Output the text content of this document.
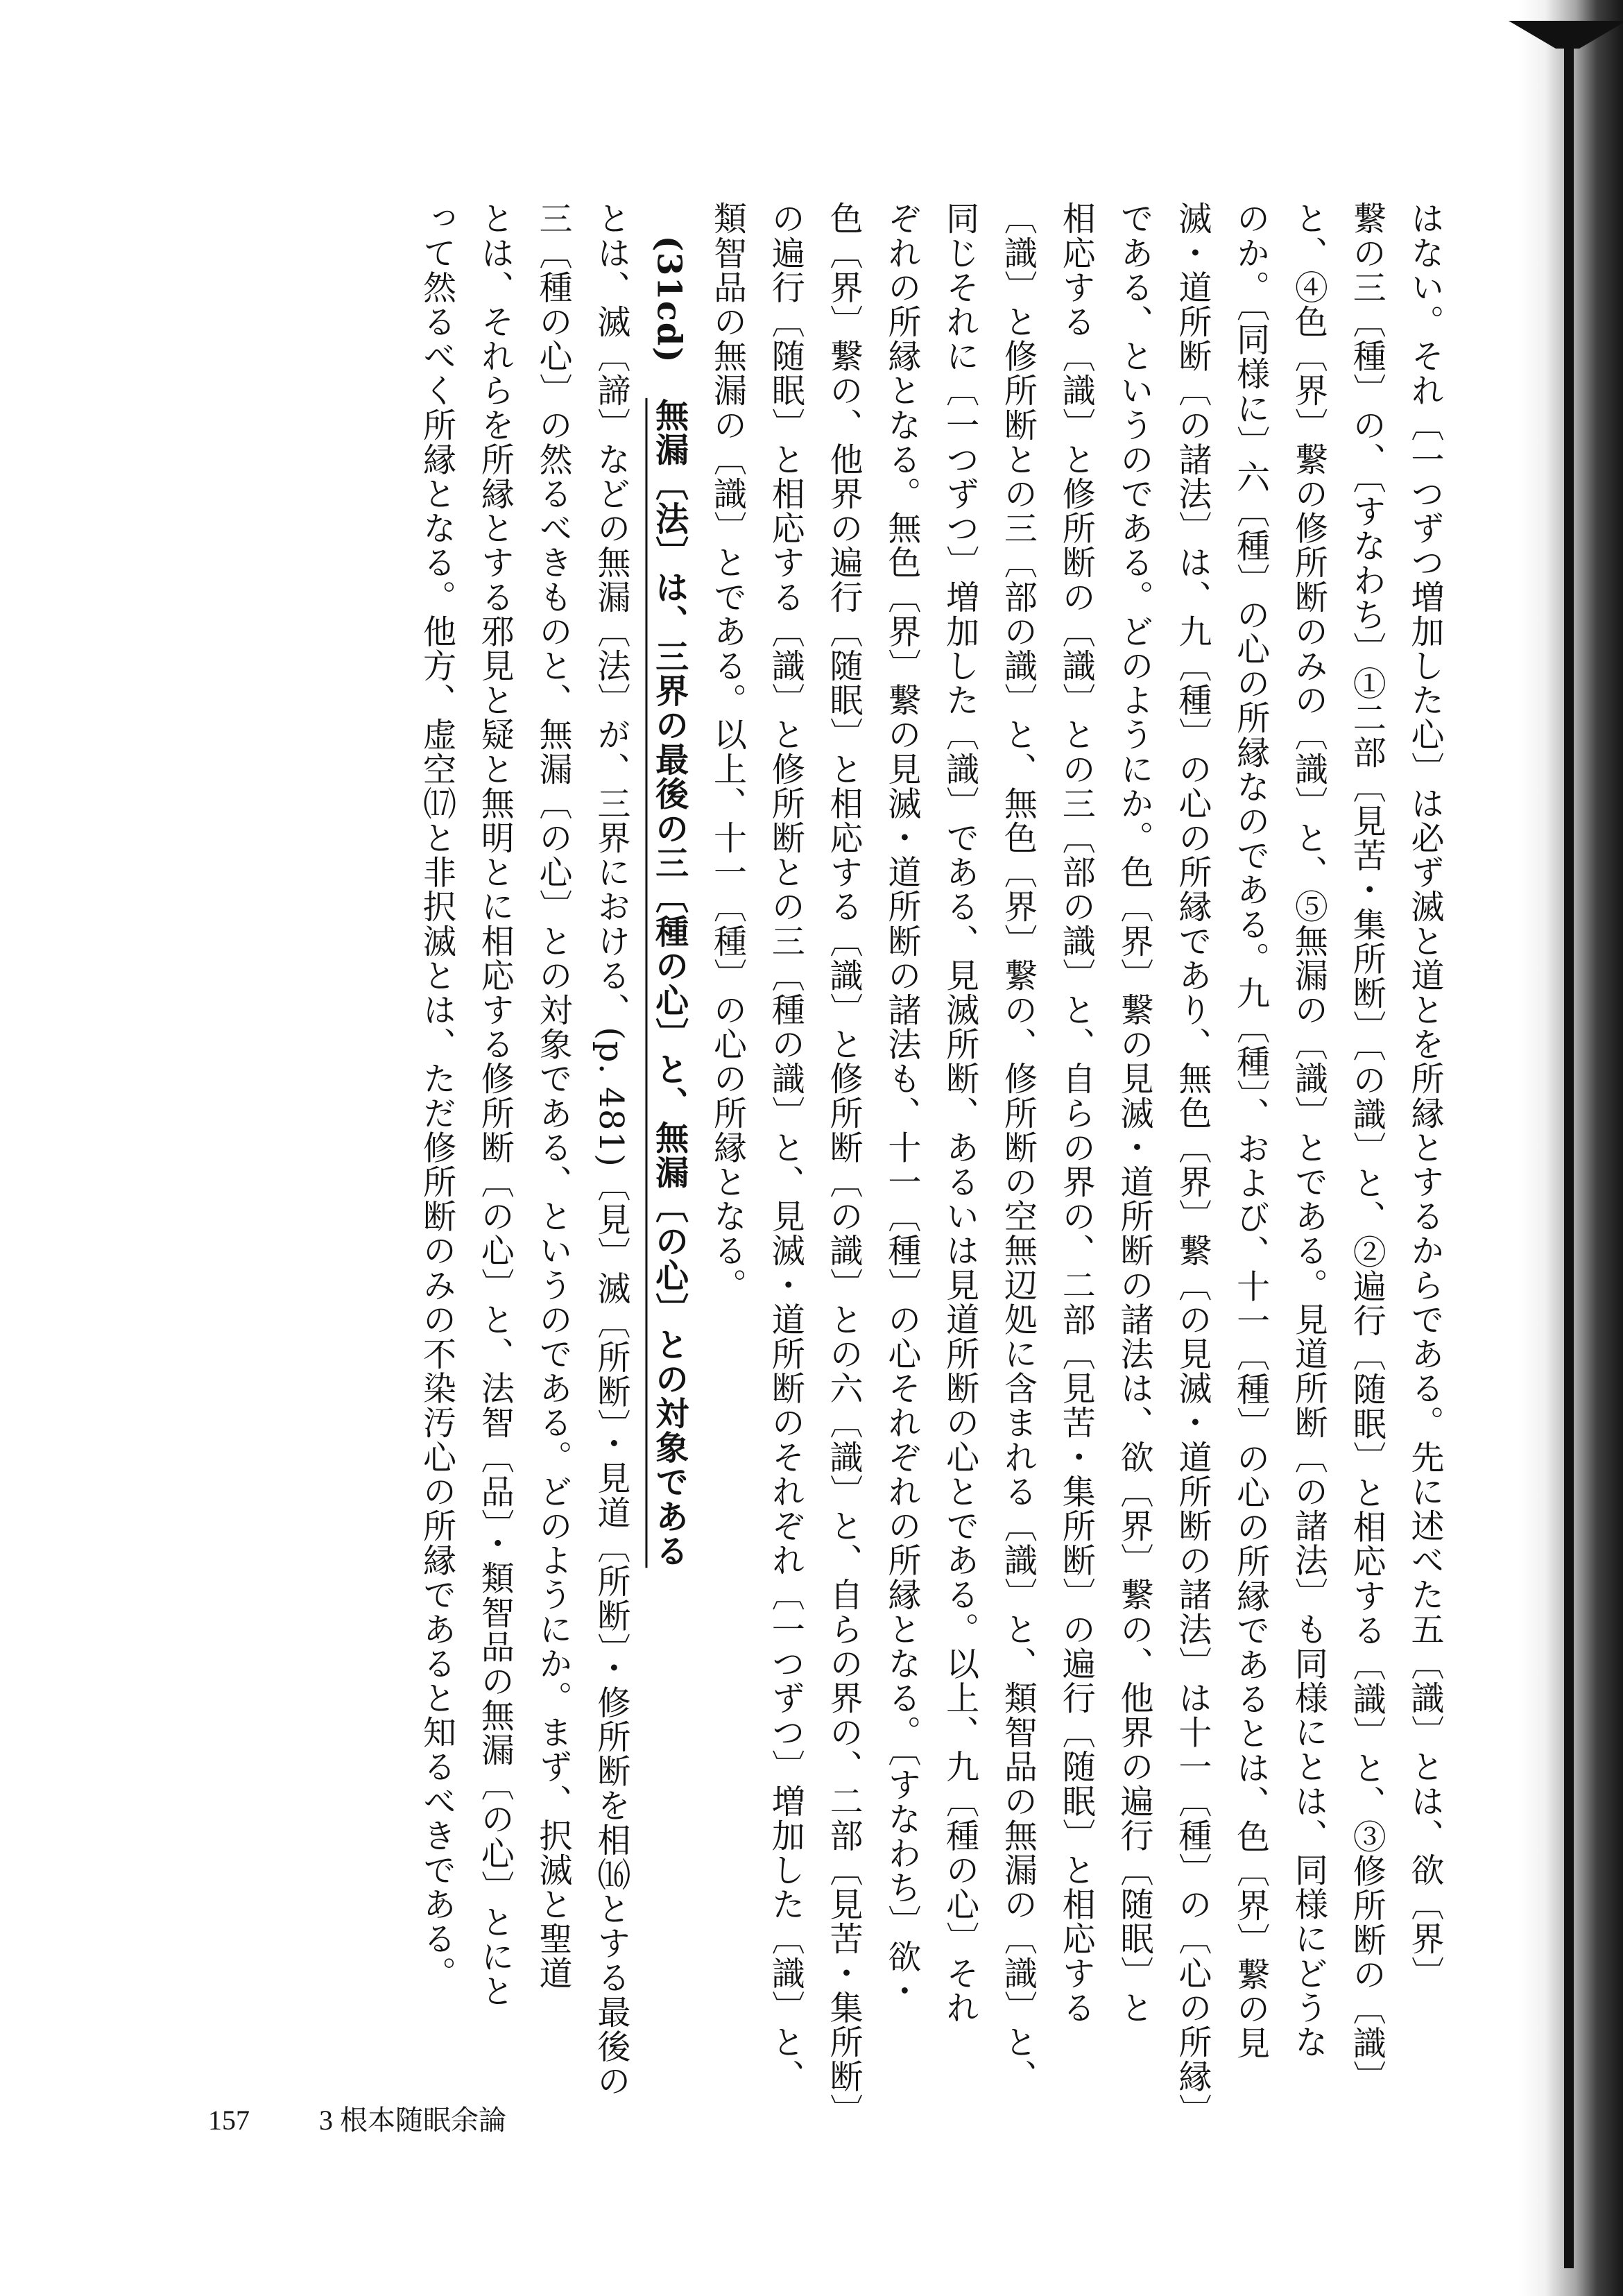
はない。それ〔一つずつ増加した心〕は必ず滅と道とを所縁とするからである。先に述べた五〔識〕とは、欲〔界〕
繋の三〔種〕の、〔すなわち〕①二部〔見苦・集所断〕〔の識〕と、②遍行〔随眠〕と相応する〔識〕と、③修所断の〔識〕
と、④色〔界〕繋の修所断のみの〔識〕と、⑤無漏の〔識〕とである。見道所断〔の諸法〕も同様にとは、同様にどうな
のか。〔同様に〕六〔種〕の心の所縁なのである。九〔種〕、および、十一〔種〕の心の所縁であるとは、色〔界〕繋の見
滅・道所断〔の諸法〕は、九〔種〕の心の所縁であり、無色〔界〕繋〔の見滅・道所断の諸法〕は十一〔種〕の〔心の所縁〕
である、というのである。どのようにか。色〔界〕繋の見滅・道所断の諸法は、欲〔界〕繋の、他界の遍行〔随眠〕と
相応する〔識〕と修所断の〔識〕との三〔部の識〕と、自らの界の、二部〔見苦・集所断〕の遍行〔随眠〕と相応する
〔識〕と修所断との三〔部の識〕と、無色〔界〕繋の、修所断の空無辺処に含まれる〔識〕と、類智品の無漏の〔識〕と、
同じそれに〔一つずつ〕増加した〔識〕である、見滅所断、あるいは見道所断の心とである。以上、九〔種の心〕それ
ぞれの所縁となる。無色〔界〕繋の見滅・道所断の諸法も、十一〔種〕の心それぞれの所縁となる。〔すなわち〕欲・
色〔界〕繋の、他界の遍行〔随眠〕と相応する〔識〕と修所断〔の識〕との六〔識〕と、自らの界の、二部〔見苦・集所断〕
の遍行〔随眠〕と相応する〔識〕と修所断との三〔種の識〕と、見滅・道所断のそれぞれ〔一つずつ〕増加した〔識〕と、
類智品の無漏の〔識〕とである。以上、十一〔種〕の心の所縁となる。
　(31cd) 無漏〔法〕は、三界の最後の三〔種の心〕と、無漏〔の心〕との対象である
とは、滅〔諦〕などの無漏〔法〕が、三界における、(p. 481)〔見〕滅〔所断〕・見道〔所断〕・修所断を相⒃とする最後の
三〔種の心〕の然るべきものと、無漏〔の心〕との対象である、というのである。どのようにか。まず、択滅と聖道
とは、それらを所縁とする邪見と疑と無明とに相応する修所断〔の心〕と、法智〔品〕・類智品の無漏〔の心〕とにと
って然るべく所縁となる。他方、虚空⒄と非択滅とは、ただ修所断のみの不染汚心の所縁であると知るべきである。
157	3 根本随眠余論
